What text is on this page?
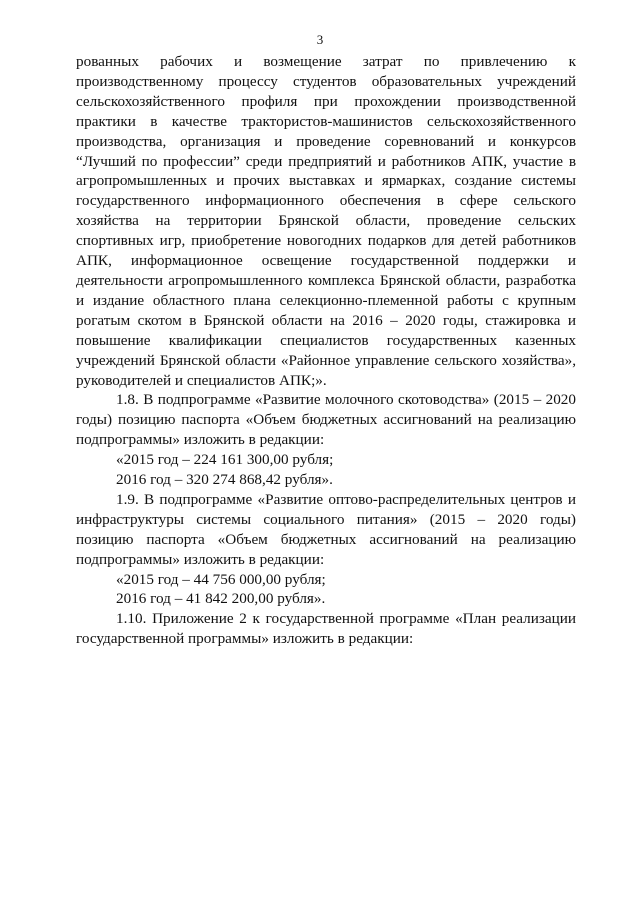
3

рованных рабочих и возмещение затрат по привлечению к производственному процессу студентов образовательных учреждений сельскохозяйственного профиля при прохождении производственной практики в качестве трактористов-машинистов сельскохозяйственного производства, организация и проведение соревнований и конкурсов “Лучший по профессии” среди предприятий и работников АПК, участие в агропромышленных и прочих выставках и ярмарках, создание системы государственного информационного обеспечения в сфере сельского хозяйства на территории Брянской области, проведение сельских спортивных игр, приобретение новогодних подарков для детей работников АПК, информационное освещение государственной поддержки и деятельности агропромышленного комплекса Брянской области, разработка и издание областного плана селекционно-племенной работы с крупным рогатым скотом в Брянской области на 2016 – 2020 годы, стажировка и повышение квалификации специалистов государственных казенных учреждений Брянской области «Районное управление сельского хозяйства», руководителей и специалистов АПК;».

1.8. В подпрограмме «Развитие молочного скотоводства» (2015 – 2020 годы) позицию паспорта «Объем бюджетных ассигнований на реализацию подпрограммы» изложить в редакции:

«2015 год – 224 161 300,00 рубля;

2016 год – 320 274 868,42 рубля».

1.9. В подпрограмме «Развитие оптово-распределительных центров и инфраструктуры системы социального питания» (2015 – 2020 годы) позицию паспорта «Объем бюджетных ассигнований на реализацию подпрограммы» изложить в редакции:

«2015 год – 44 756 000,00 рубля;

2016 год – 41 842 200,00 рубля».

1.10. Приложение 2 к государственной программе «План реализации государственной программы» изложить в редакции:
